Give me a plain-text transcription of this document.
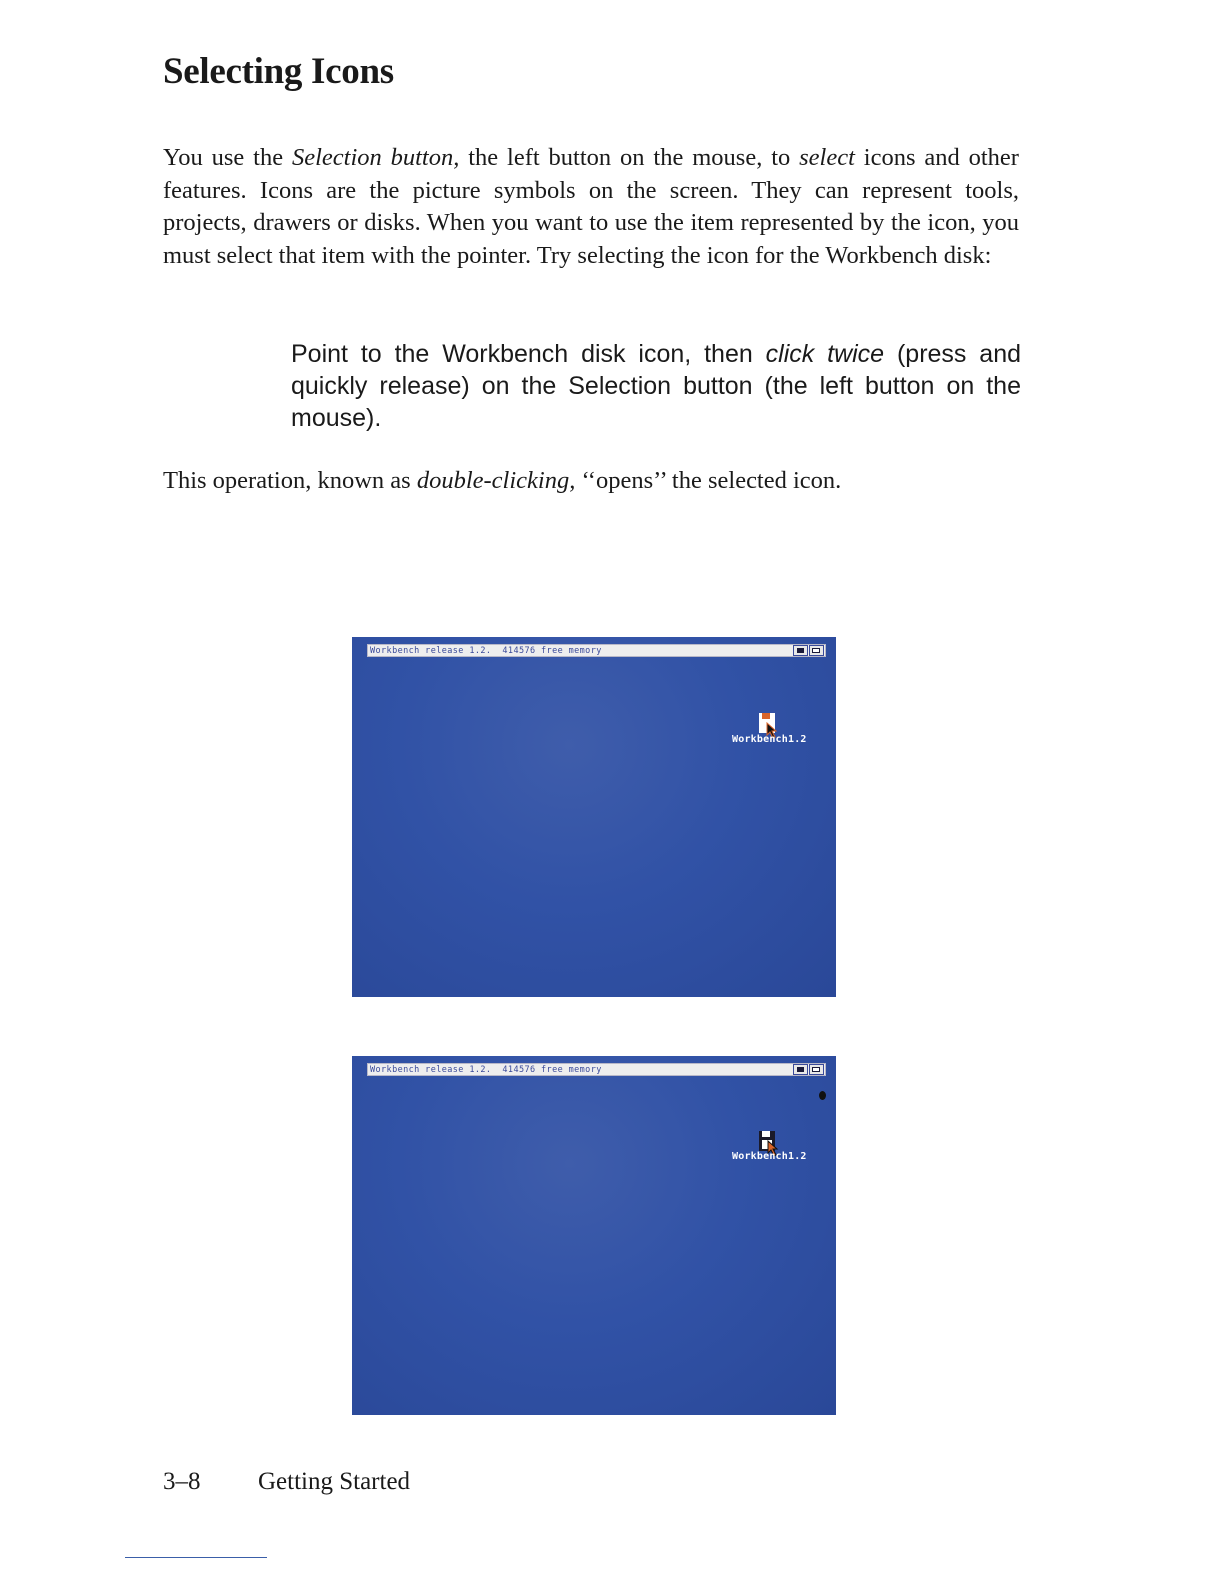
Selecting Icons

You use the Selection button, the left button on the mouse, to select icons and other features. Icons are the picture symbols on the screen. They can represent tools, projects, drawers or disks. When you want to use the item represented by the icon, you must select that item with the pointer. Try selecting the icon for the Workbench disk:

Point to the Workbench disk icon, then click twice (press and quickly release) on the Selection button (the left button on the mouse).

This operation, known as double-clicking, ‘‘opens’’ the selected icon.

Workbench release 1.2.  414576 free memory
Workbench1.2
Workbench release 1.2.  414576 free memory
Workbench1.2
3–8	Getting Started
